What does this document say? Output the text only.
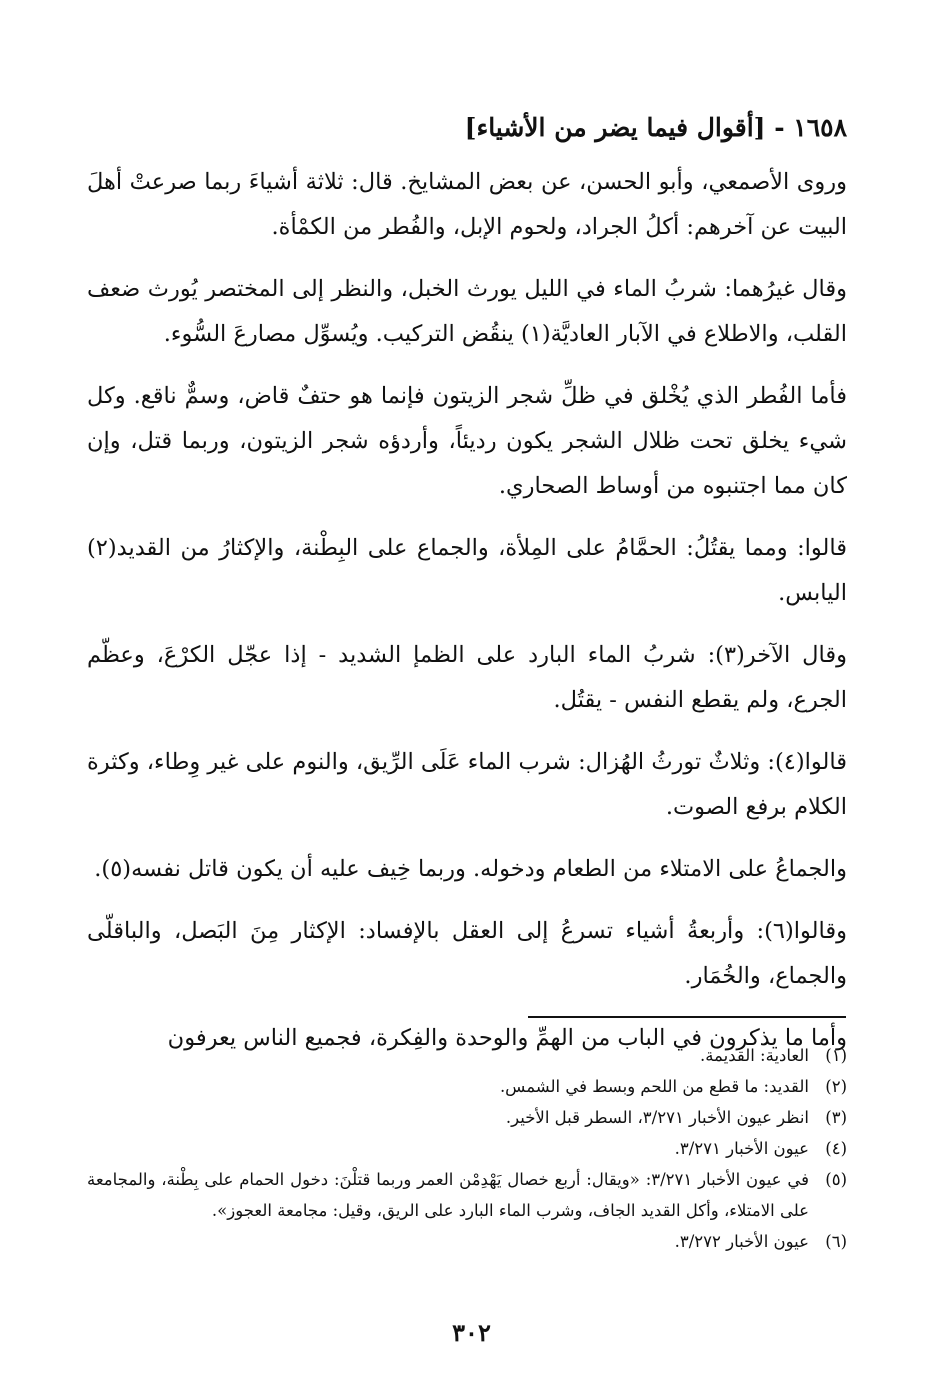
١٦٥٨ - [أقوال فيما يضر من الأشياء]

وروى الأصمعي، وأبو الحسن، عن بعض المشايخ. قال: ثلاثة أشياءَ ربما صرعتْ أهلَ البيت عن آخرهم: أكلُ الجراد، ولحوم الإبل، والفُطر من الكمْأة.

وقال غيرُهما: شربُ الماء في الليل يورث الخبل، والنظر إلى المختصر يُورث ضعف القلب، والاطلاع في الآبار العاديَّة(١) ينقُض التركيب. ويُسوِّل مصارعَ السُّوء.

فأما الفُطر الذي يُخْلق في ظلِّ شجر الزيتون فإنما هو حتفٌ قاض، وسمٌّ ناقع. وكل شيء يخلق تحت ظلال الشجر يكون رديئاً، وأردؤه شجر الزيتون، وربما قتل، وإن كان مما اجتنبوه من أوساط الصحاري.

قالوا: ومما يقتُلُ: الحمَّامُ على المِلأة، والجماع على البِطْنة، والإكثارُ من القديد(٢) اليابس.

وقال الآخر(٣): شربُ الماء البارد على الظمإ الشديد - إذا عجّل الكرْعَ، وعظّم الجرع، ولم يقطع النفس - يقتُل.

قالوا(٤): وثلاثٌ تورثُ الهُزال: شرب الماء عَلَى الرِّيق، والنوم على غير وِطاء، وكثرة الكلام برفع الصوت.

والجماعُ على الامتلاء من الطعام ودخوله. وربما خِيف عليه أن يكون قاتل نفسه(٥).

وقالوا(٦): وأربعةُ أشياء تسرعُ إلى العقل بالإفساد: الإكثار مِنَ البَصل، والباقلّى والجماع، والخُمَار.

وأما ما يذكرون في الباب من الهمِّ والوحدة والفِكرة، فجميع الناس يعرفون

(١)
العادية: القديمة.
(٢)
القديد: ما قطع من اللحم وبسط في الشمس.
(٣)
انظر عيون الأخبار ٣/٢٧١، السطر قبل الأخير.
(٤)
عيون الأخبار ٣/٢٧١.
(٥)
في عيون الأخبار ٣/٢٧١: «ويقال: أربع خصال يَهْدِمْن العمر وربما قتلْنَ: دخول الحمام على بِطْنة، والمجامعة على الامتلاء، وأكل القديد الجاف، وشرب الماء البارد على الريق، وقيل: مجامعة العجوز».
(٦)
عيون الأخبار ٣/٢٧٢.
٣٠٢
